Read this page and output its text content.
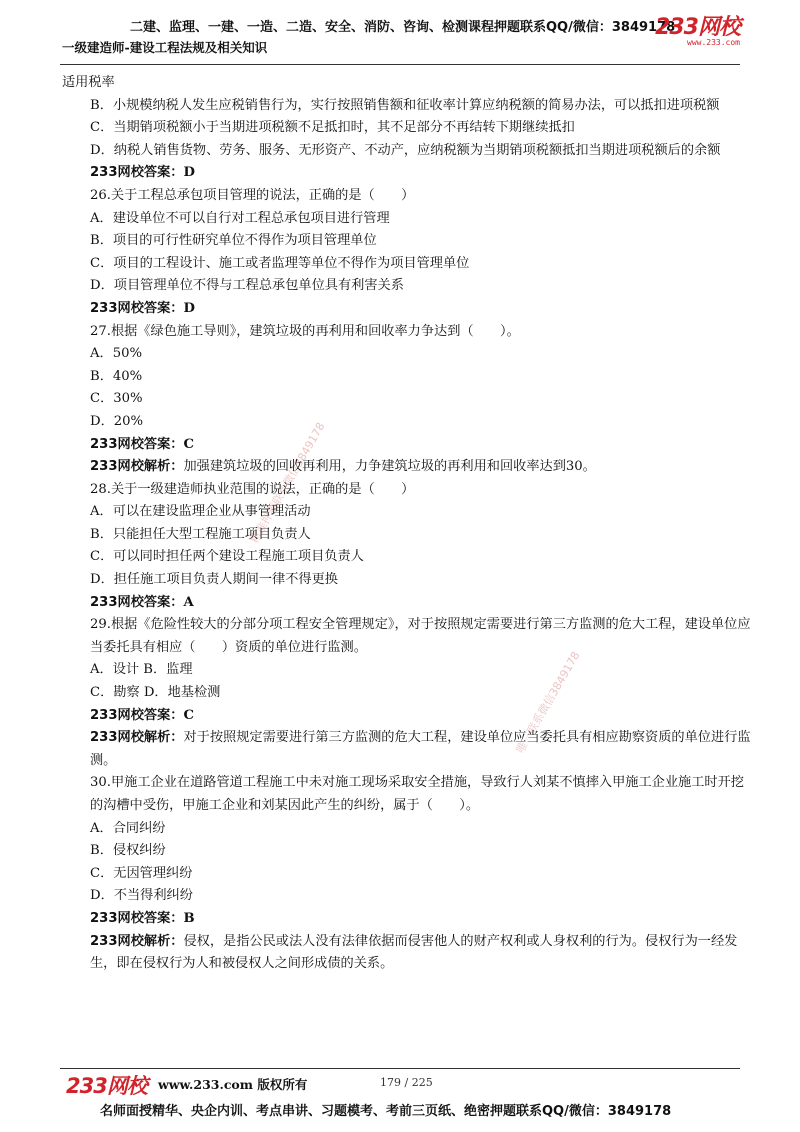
二建、监理、一建、一造、二造、安全、消防、咨询、检测课程押题联系QQ/微信：3849178
一级建造师-建设工程法规及相关知识
233网校
www.233.com
精准押题联系微信3849178
唯一联系微信3849178
适用税率
B．小规模纳税人发生应税销售行为，实行按照销售额和征收率计算应纳税额的简易办法，可以抵扣进项税额
C．当期销项税额小于当期进项税额不足抵扣时，其不足部分不再结转下期继续抵扣
D．纳税人销售货物、劳务、服务、无形资产、不动产，应纳税额为当期销项税额抵扣当期进项税额后的余额
233网校答案：D
26.关于工程总承包项目管理的说法，正确的是（　　）
A．建设单位不可以自行对工程总承包项目进行管理
B．项目的可行性研究单位不得作为项目管理单位
C．项目的工程设计、施工或者监理等单位不得作为项目管理单位
D．项目管理单位不得与工程总承包单位具有利害关系
233网校答案：D
27.根据《绿色施工导则》，建筑垃圾的再利用和回收率力争达到（　　）。
A．50%
B．40%
C．30%
D．20%
233网校答案：C
233网校解析：加强建筑垃圾的回收再利用，力争建筑垃圾的再利用和回收率达到30。
28.关于一级建造师执业范围的说法，正确的是（　　）
A．可以在建设监理企业从事管理活动
B．只能担任大型工程施工项目负责人
C．可以同时担任两个建设工程施工项目负责人
D．担任施工项目负责人期间一律不得更换
233网校答案：A
29.根据《危险性较大的分部分项工程安全管理规定》，对于按照规定需要进行第三方监测的危大工程，建设单位应当委托具有相应（　　）资质的单位进行监测。
A．设计 B．监理
C．勘察 D．地基检测
233网校答案：C
233网校解析：对于按照规定需要进行第三方监测的危大工程，建设单位应当委托具有相应勘察资质的单位进行监测。
30.甲施工企业在道路管道工程施工中未对施工现场采取安全措施，导致行人刘某不慎摔入甲施工企业施工时开挖的沟槽中受伤，甲施工企业和刘某因此产生的纠纷，属于（　　）。
A．合同纠纷
B．侵权纠纷
C．无因管理纠纷
D．不当得利纠纷
233网校答案：B
233网校解析：侵权，是指公民或法人没有法律依据而侵害他人的财产权利或人身权利的行为。侵权行为一经发生，即在侵权行为人和被侵权人之间形成债的关系。
233网校 www.233.com 版权所有	179 / 225
名师面授精华、央企内训、考点串讲、习题模考、考前三页纸、绝密押题联系QQ/微信：3849178
